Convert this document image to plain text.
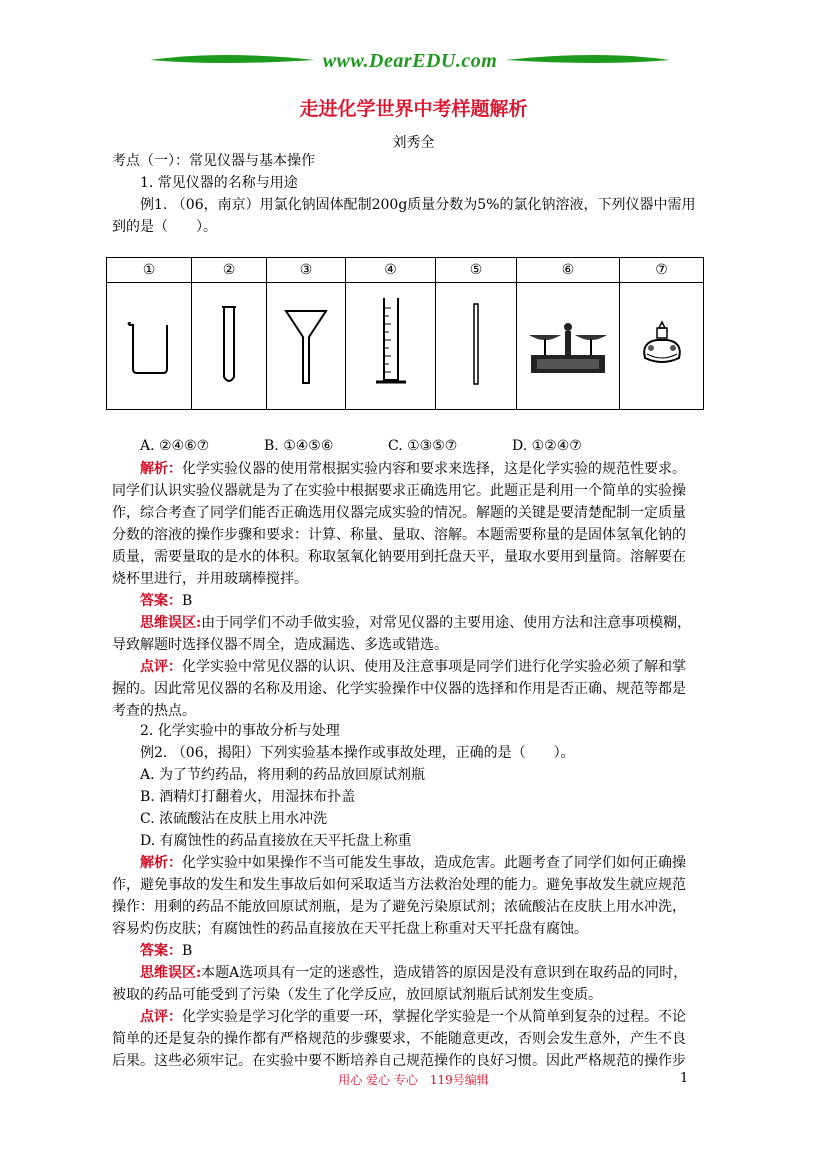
www.DearEDU.com
走进化学世界中考样题解析
刘秀全
考点（一）：常见仪器与基本操作
1. 常见仪器的名称与用途
例1. （06，南京）用氯化钠固体配制200g质量分数为5%的氯化钠溶液，下列仪器中需用
到的是（　　）。
①	②	③	④	⑤	⑥	⑦

A. ②④⑥⑦	B. ①④⑤⑥	C. ①③⑤⑦	D. ①②④⑦
解析：化学实验仪器的使用常根据实验内容和要求来选择，这是化学实验的规范性要求。
同学们认识实验仪器就是为了在实验中根据要求正确选用它。此题正是利用一个简单的实验操
作，综合考查了同学们能否正确选用仪器完成实验的情况。解题的关键是要清楚配制一定质量
分数的溶液的操作步骤和要求：计算、称量、量取、溶解。本题需要称量的是固体氢氧化钠的
质量，需要量取的是水的体积。称取氢氧化钠要用到托盘天平，量取水要用到量筒。溶解要在
烧杯里进行，并用玻璃棒搅拌。
答案：B
思维误区:由于同学们不动手做实验，对常见仪器的主要用途、使用方法和注意事项模糊，
导致解题时选择仪器不周全，造成漏选、多选或错选。
点评：化学实验中常见仪器的认识、使用及注意事项是同学们进行化学实验必须了解和掌
握的。因此常见仪器的名称及用途、化学实验操作中仪器的选择和作用是否正确、规范等都是
考查的热点。
2. 化学实验中的事故分析与处理
例2. （06，揭阳）下列实验基本操作或事故处理，正确的是（　　）。
A. 为了节约药品，将用剩的药品放回原试剂瓶
B. 酒精灯打翻着火，用湿抹布扑盖
C. 浓硫酸沾在皮肤上用水冲洗
D. 有腐蚀性的药品直接放在天平托盘上称重
解析：化学实验中如果操作不当可能发生事故，造成危害。此题考查了同学们如何正确操
作，避免事故的发生和发生事故后如何采取适当方法救治处理的能力。避免事故发生就应规范
操作：用剩的药品不能放回原试剂瓶，是为了避免污染原试剂；浓硫酸沾在皮肤上用水冲洗，
容易灼伤皮肤；有腐蚀性的药品直接放在天平托盘上称重对天平托盘有腐蚀。
答案：B
思维误区:本题A选项具有一定的迷惑性，造成错答的原因是没有意识到在取药品的同时，
被取的药品可能受到了污染（发生了化学反应，放回原试剂瓶后试剂发生变质。
点评：化学实验是学习化学的重要一环，掌握化学实验是一个从简单到复杂的过程。不论
简单的还是复杂的操作都有严格规范的步骤要求，不能随意更改，否则会发生意外，产生不良
后果。这些必须牢记。在实验中要不断培养自己规范操作的良好习惯。因此严格规范的操作步
用心 爱心 专心　119号编辑	1
